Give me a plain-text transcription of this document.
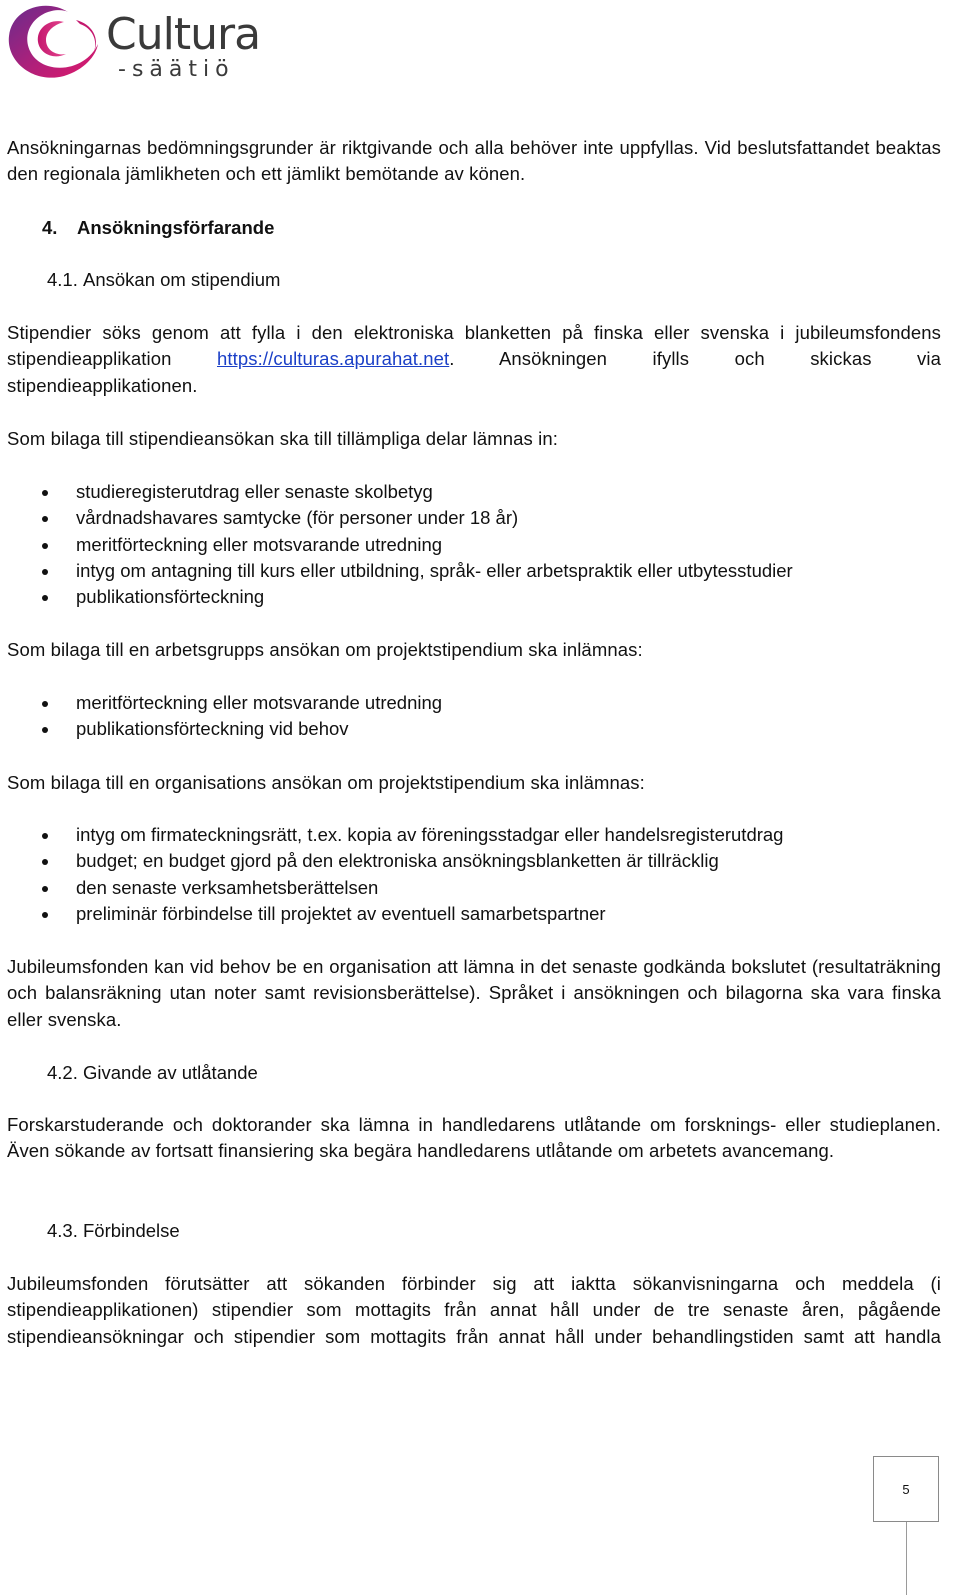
Cultura
-säätiö

Ansökningarnas bedömningsgrunder är riktgivande och alla behöver inte uppfyllas. Vid beslutsfattandet beaktas den regionala jämlikheten och ett jämlikt bemötande av könen.

4. Ansökningsförfarande
4.1. Ansökan om stipendium
Stipendier söks genom att fylla i den elektroniska blanketten på finska eller svenska i jubileumsfondens
stipendieapplikation https://culturas.apurahat.net. Ansökningen ifylls och skickas via
stipendieapplikationen.

Som bilaga till stipendieansökan ska till tillämpliga delar lämnas in:

studieregisterutdrag eller senaste skolbetyg
vårdnadshavares samtycke (för personer under 18 år)
meritförteckning eller motsvarande utredning
intyg om antagning till kurs eller utbildning, språk- eller arbetspraktik eller utbytesstudier
publikationsförteckning

Som bilaga till en arbetsgrupps ansökan om projektstipendium ska inlämnas:

meritförteckning eller motsvarande utredning
publikationsförteckning vid behov

Som bilaga till en organisations ansökan om projektstipendium ska inlämnas:

intyg om firmateckningsrätt, t.ex. kopia av föreningsstadgar eller handelsregisterutdrag
budget; en budget gjord på den elektroniska ansökningsblanketten är tillräcklig
den senaste verksamhetsberättelsen
preliminär förbindelse till projektet av eventuell samarbetspartner

Jubileumsfonden kan vid behov be en organisation att lämna in det senaste godkända bokslutet (resultaträkning och balansräkning utan noter samt revisionsberättelse). Språket i ansökningen och bilagorna ska vara finska eller svenska.

4.2. Givande av utlåtande

Forskarstuderande och doktorander ska lämna in handledarens utlåtande om forsknings- eller studieplanen. Även sökande av fortsatt finansiering ska begära handledarens utlåtande om arbetets avancemang.

4.3. Förbindelse

Jubileumsfonden förutsätter att sökanden förbinder sig att iaktta sökanvisningarna och meddela (i stipendieapplikationen) stipendier som mottagits från annat håll under de tre senaste åren, pågående stipendieansökningar och stipendier som mottagits från annat håll under behandlingstiden samt att handla

5
